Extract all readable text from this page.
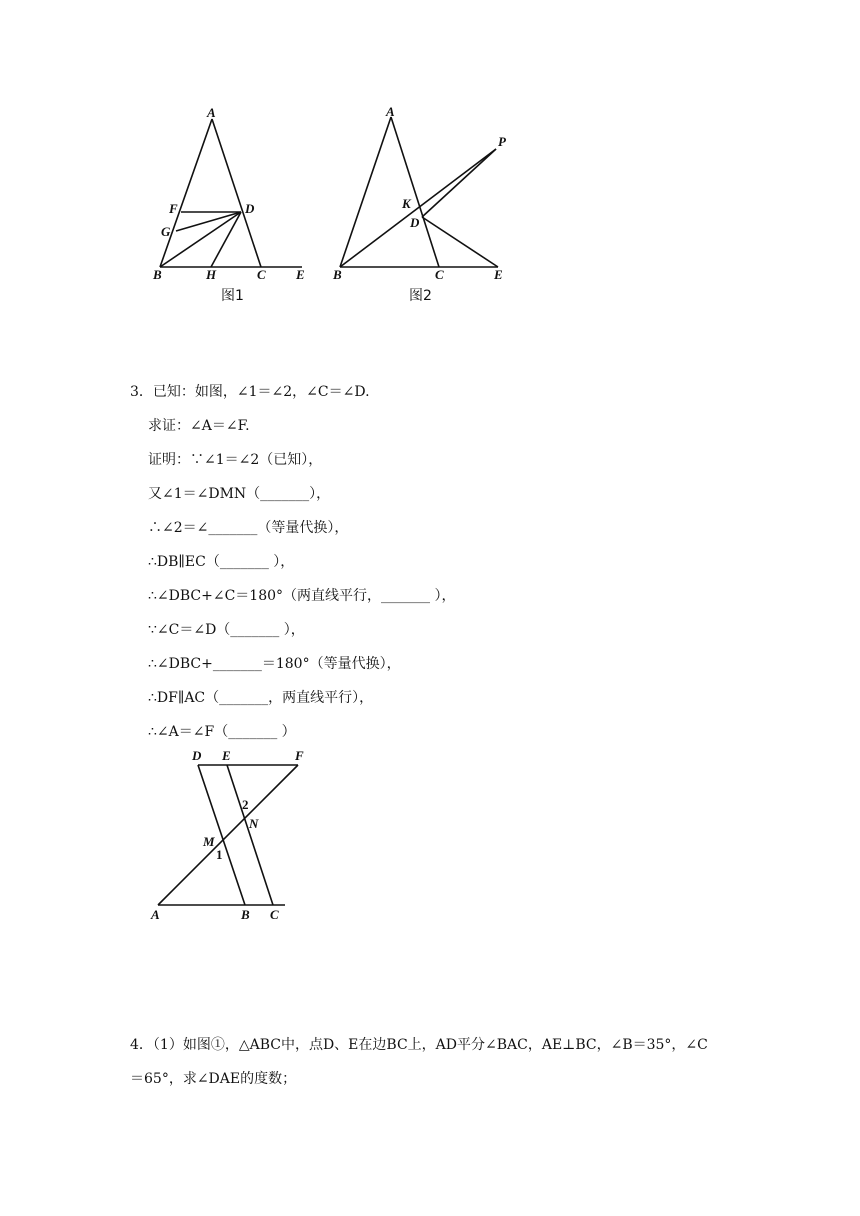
A
F	D
G
B	H	C E
图1
A
P
K
D
B	C	E
图2
3．已知：如图，∠1＝∠2，∠C＝∠D.
求证：∠A＝∠F.
证明：∵∠1＝∠2（已知），
又∠1＝∠DMN（_______），
∴∠2＝∠_______（等量代换），
∴DB∥EC（_______ ），
∴∠DBC+∠C＝180°（两直线平行，_______ ），
∵∠C＝∠D（_______ ），
∴∠DBC+_______＝180°（等量代换），
∴DF∥AC（_______，两直线平行），
∴∠A＝∠F（_______ ）
D E	F
2
N
M
1
A	B C
4．（1）如图①，△ABC中，点D、E在边BC上，AD平分∠BAC，AE⊥BC，∠B＝35°，∠C
＝65°，求∠DAE的度数；
